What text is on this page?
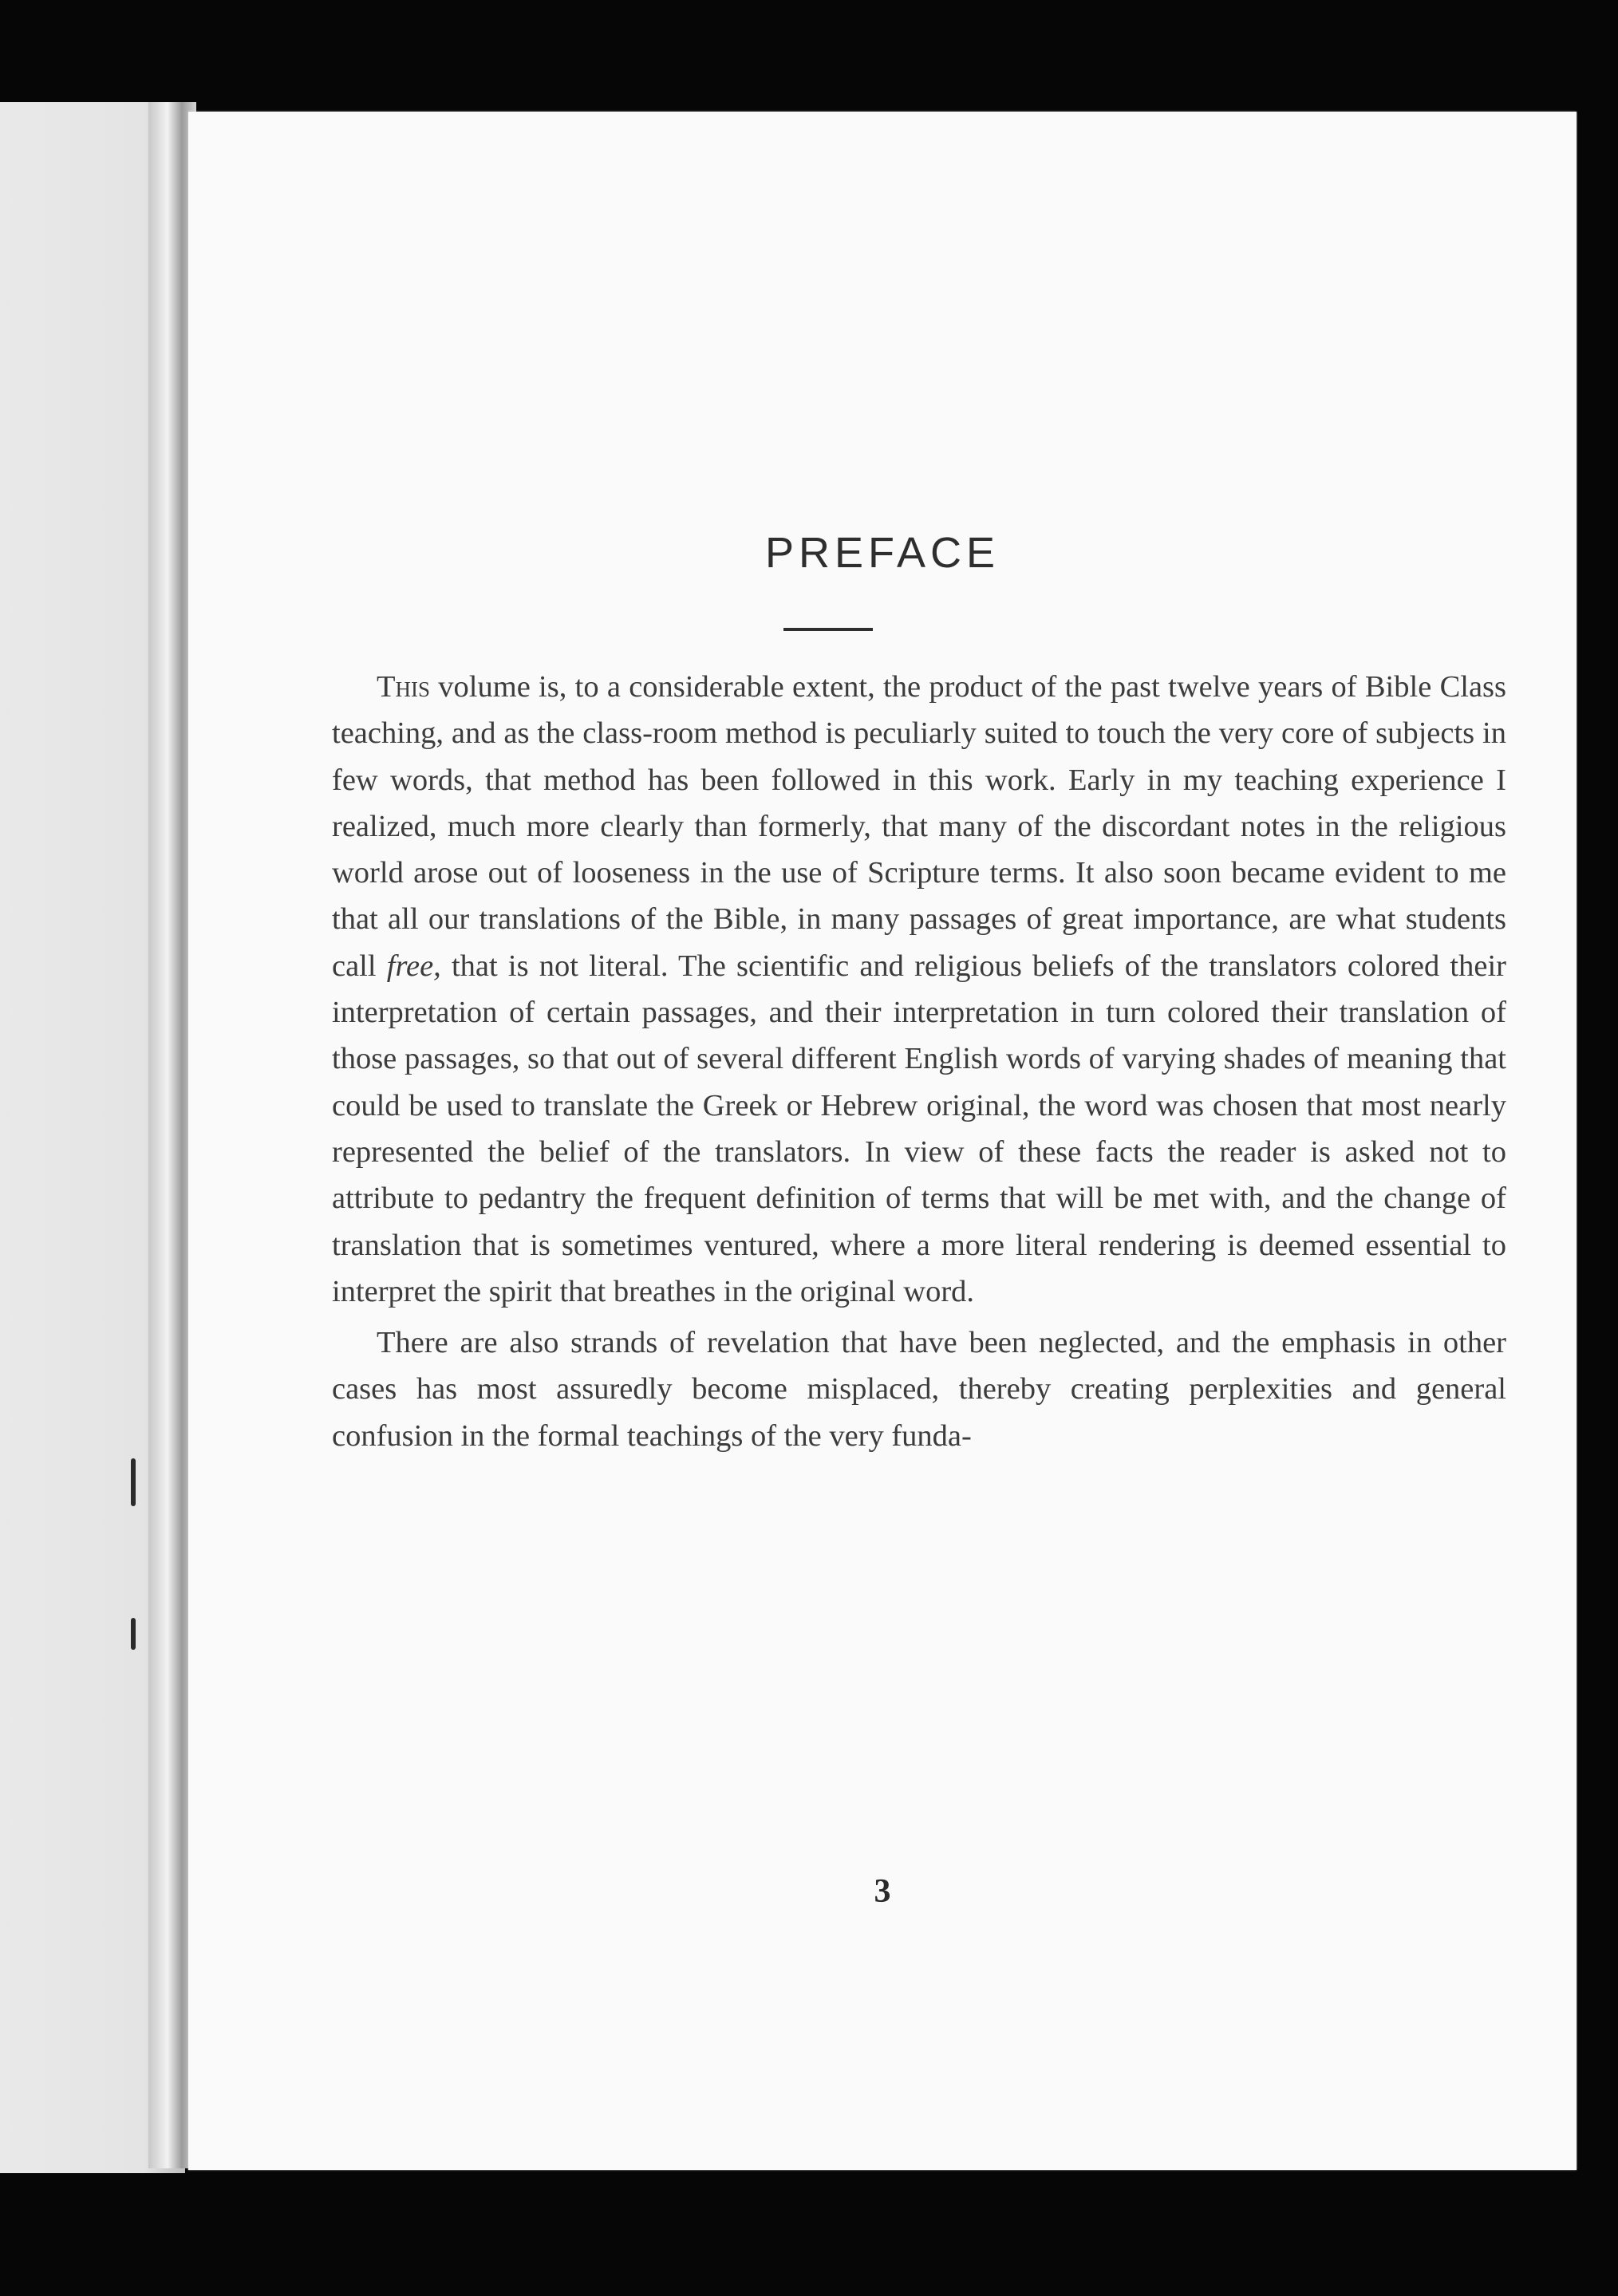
PREFACE

This volume is, to a considerable extent, the product of the past twelve years of Bible Class teaching, and as the class-room method is peculiarly suited to touch the very core of subjects in few words, that method has been followed in this work. Early in my teaching experience I realized, much more clearly than formerly, that many of the discordant notes in the religious world arose out of looseness in the use of Scripture terms. It also soon became evident to me that all our translations of the Bible, in many passages of great importance, are what students call free, that is not literal. The scientific and religious beliefs of the translators colored their interpretation of certain passages, and their interpretation in turn colored their translation of those passages, so that out of several different English words of varying shades of meaning that could be used to translate the Greek or Hebrew original, the word was chosen that most nearly represented the belief of the translators. In view of these facts the reader is asked not to attribute to pedantry the frequent definition of terms that will be met with, and the change of translation that is sometimes ventured, where a more literal rendering is deemed essential to interpret the spirit that breathes in the original word.

There are also strands of revelation that have been neglected, and the emphasis in other cases has most assuredly become misplaced, thereby creating perplexities and general confusion in the formal teachings of the very funda-

3
